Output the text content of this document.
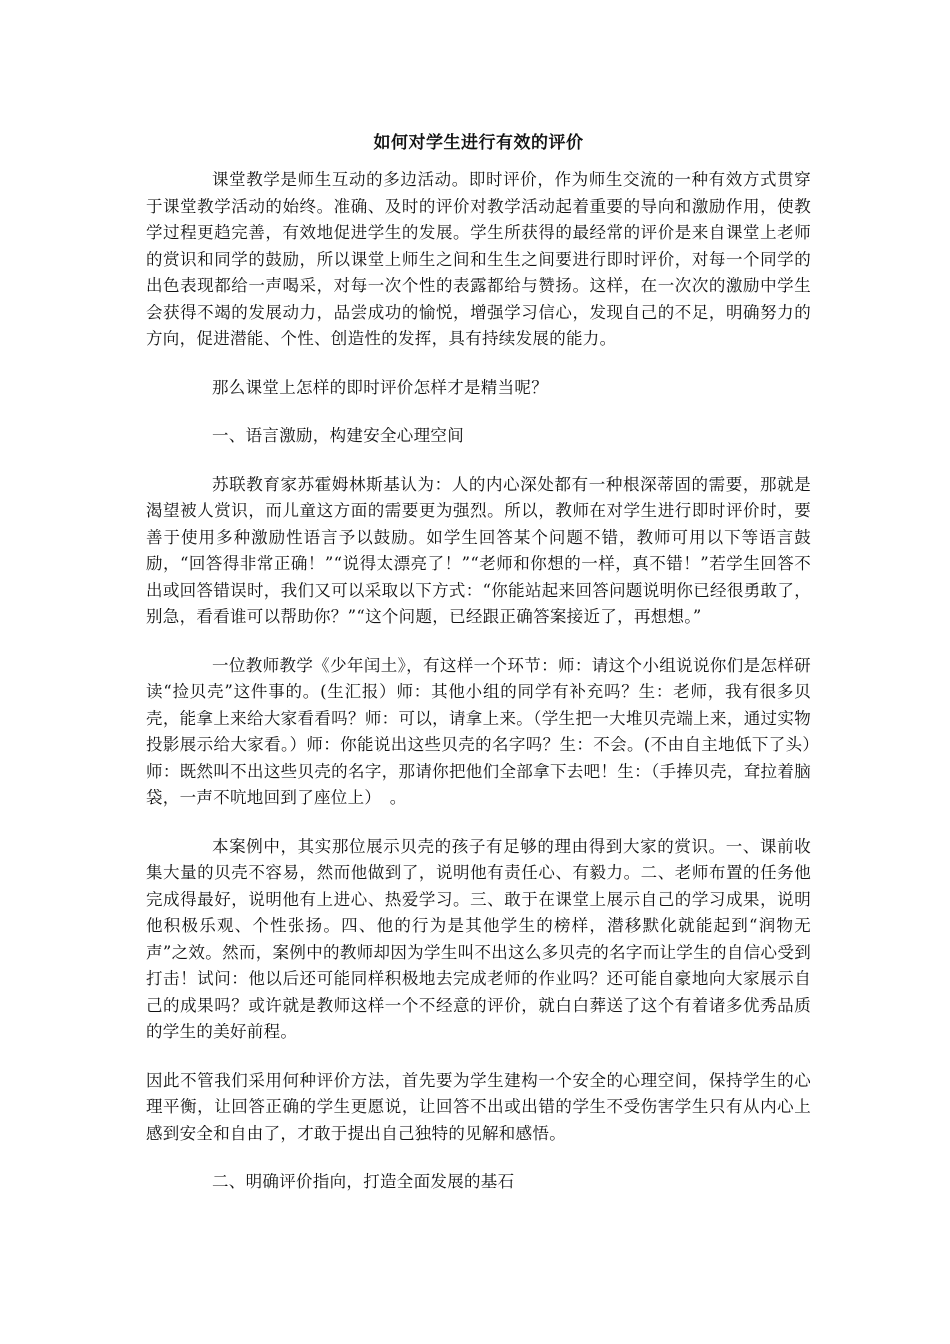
如何对学生进行有效的评价

课堂教学是师生互动的多边活动。即时评价，作为师生交流的一种有效方式贯穿于课堂教学活动的始终。准确、及时的评价对教学活动起着重要的导向和激励作用，使教学过程更趋完善，有效地促进学生的发展。学生所获得的最经常的评价是来自课堂上老师的赏识和同学的鼓励，所以课堂上师生之间和生生之间要进行即时评价，对每一个同学的出色表现都给一声喝采，对每一次个性的表露都给与赞扬。这样，在一次次的激励中学生会获得不竭的发展动力，品尝成功的愉悦，增强学习信心，发现自己的不足，明确努力的方向，促进潜能、个性、创造性的发挥，具有持续发展的能力。

那么课堂上怎样的即时评价怎样才是精当呢？

一、语言激励，构建安全心理空间

苏联教育家苏霍姆林斯基认为：人的内心深处都有一种根深蒂固的需要，那就是渴望被人赏识，而儿童这方面的需要更为强烈。所以，教师在对学生进行即时评价时，要善于使用多种激励性语言予以鼓励。如学生回答某个问题不错，教师可用以下等语言鼓励，“回答得非常正确！”“说得太漂亮了！”“老师和你想的一样，真不错！”若学生回答不出或回答错误时，我们又可以采取以下方式：“你能站起来回答问题说明你已经很勇敢了，别急，看看谁可以帮助你？”“这个问题，已经跟正确答案接近了，再想想。”

一位教师教学《少年闰土》，有这样一个环节：师：请这个小组说说你们是怎样研读“捡贝壳”这件事的。(生汇报）师：其他小组的同学有补充吗？生：老师，我有很多贝壳，能拿上来给大家看看吗？师：可以，请拿上来。（学生把一大堆贝壳端上来，通过实物投影展示给大家看。）师：你能说出这些贝壳的名字吗？生：不会。(不由自主地低下了头）师：既然叫不出这些贝壳的名字，那请你把他们全部拿下去吧！生：（手捧贝壳，耷拉着脑袋，一声不吭地回到了座位上）　。

本案例中，其实那位展示贝壳的孩子有足够的理由得到大家的赏识。一、课前收集大量的贝壳不容易，然而他做到了，说明他有责任心、有毅力。二、老师布置的任务他完成得最好，说明他有上进心、热爱学习。三、敢于在课堂上展示自己的学习成果，说明他积极乐观、个性张扬。四、他的行为是其他学生的榜样，潜移默化就能起到“润物无声”之效。然而，案例中的教师却因为学生叫不出这么多贝壳的名字而让学生的自信心受到打击！试问：他以后还可能同样积极地去完成老师的作业吗？还可能自豪地向大家展示自己的成果吗？或许就是教师这样一个不经意的评价，就白白葬送了这个有着诸多优秀品质的学生的美好前程。

因此不管我们采用何种评价方法，首先要为学生建构一个安全的心理空间，保持学生的心理平衡，让回答正确的学生更愿说，让回答不出或出错的学生不受伤害学生只有从内心上感到安全和自由了，才敢于提出自己独特的见解和感悟。

二、明确评价指向，打造全面发展的基石
